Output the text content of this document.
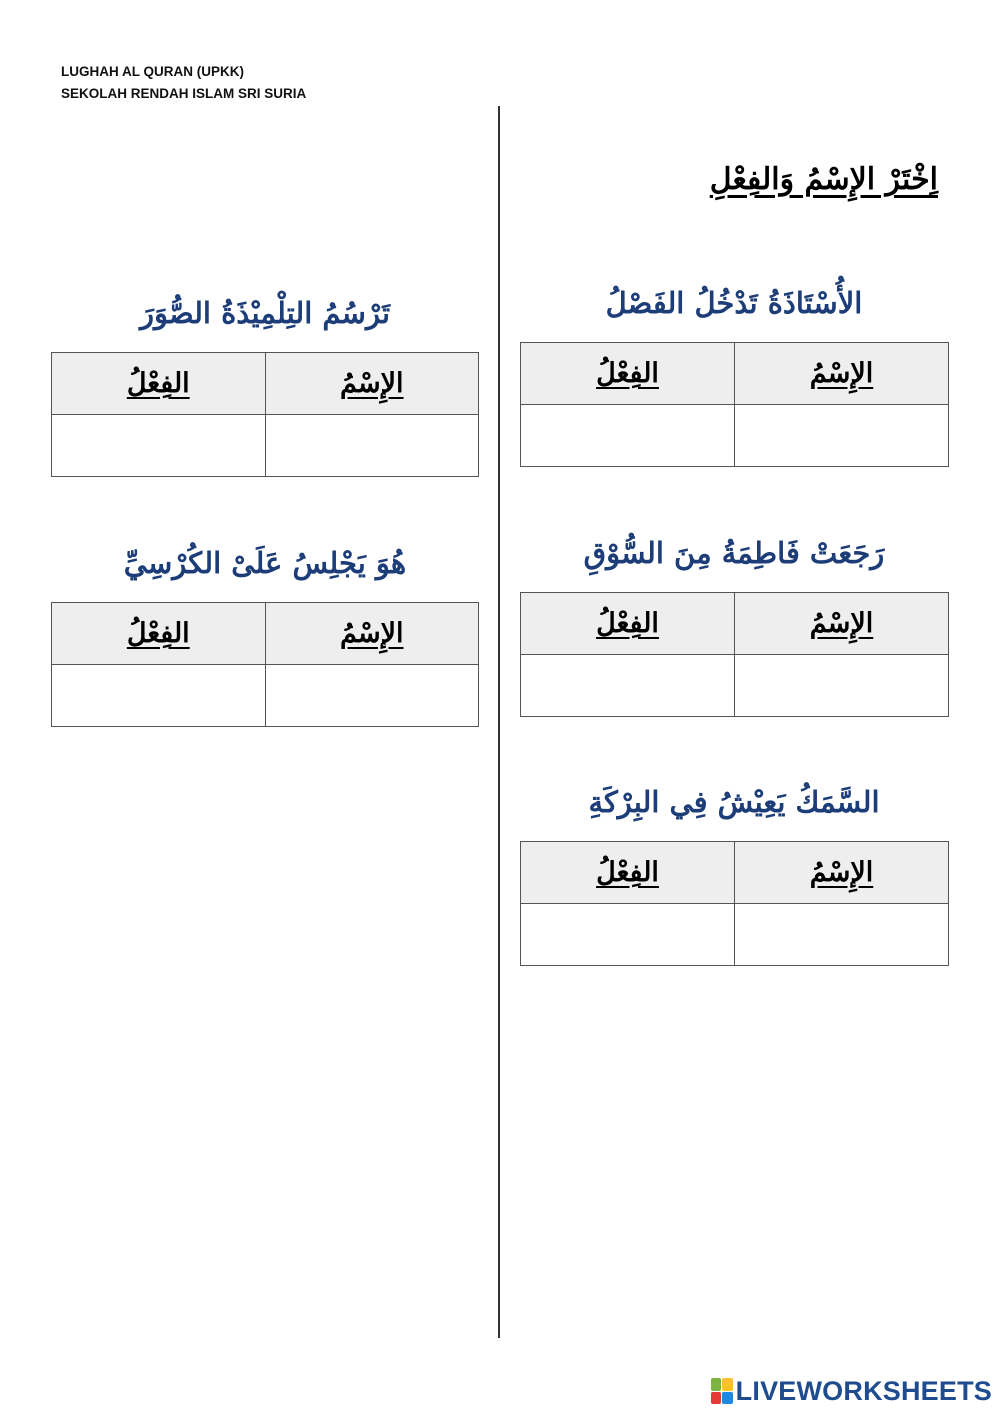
LUGHAH AL QURAN (UPKK)
SEKOLAH RENDAH ISLAM SRI SURIA
اِخْتَرْ الإِسْمُ وَالفِعْلِ
الأُسْتَاذَةُ تَدْخُلُ الفَصْلُ
الفِعْلُ	الإِسْمُ

رَجَعَتْ فَاطِمَةُ مِنَ السُّوْقِ
الفِعْلُ	الإِسْمُ

السَّمَكُ يَعِيْشُ فِي البِرْكَةِ
الفِعْلُ	الإِسْمُ

تَرْسُمُ التِلْمِيْذَةُ الصُّوَرَ
الفِعْلُ	الإِسْمُ

هُوَ يَجْلِسُ عَلَىْ الكُرْسِيِّ
الفِعْلُ	الإِسْمُ

LIVEWORKSHEETS
